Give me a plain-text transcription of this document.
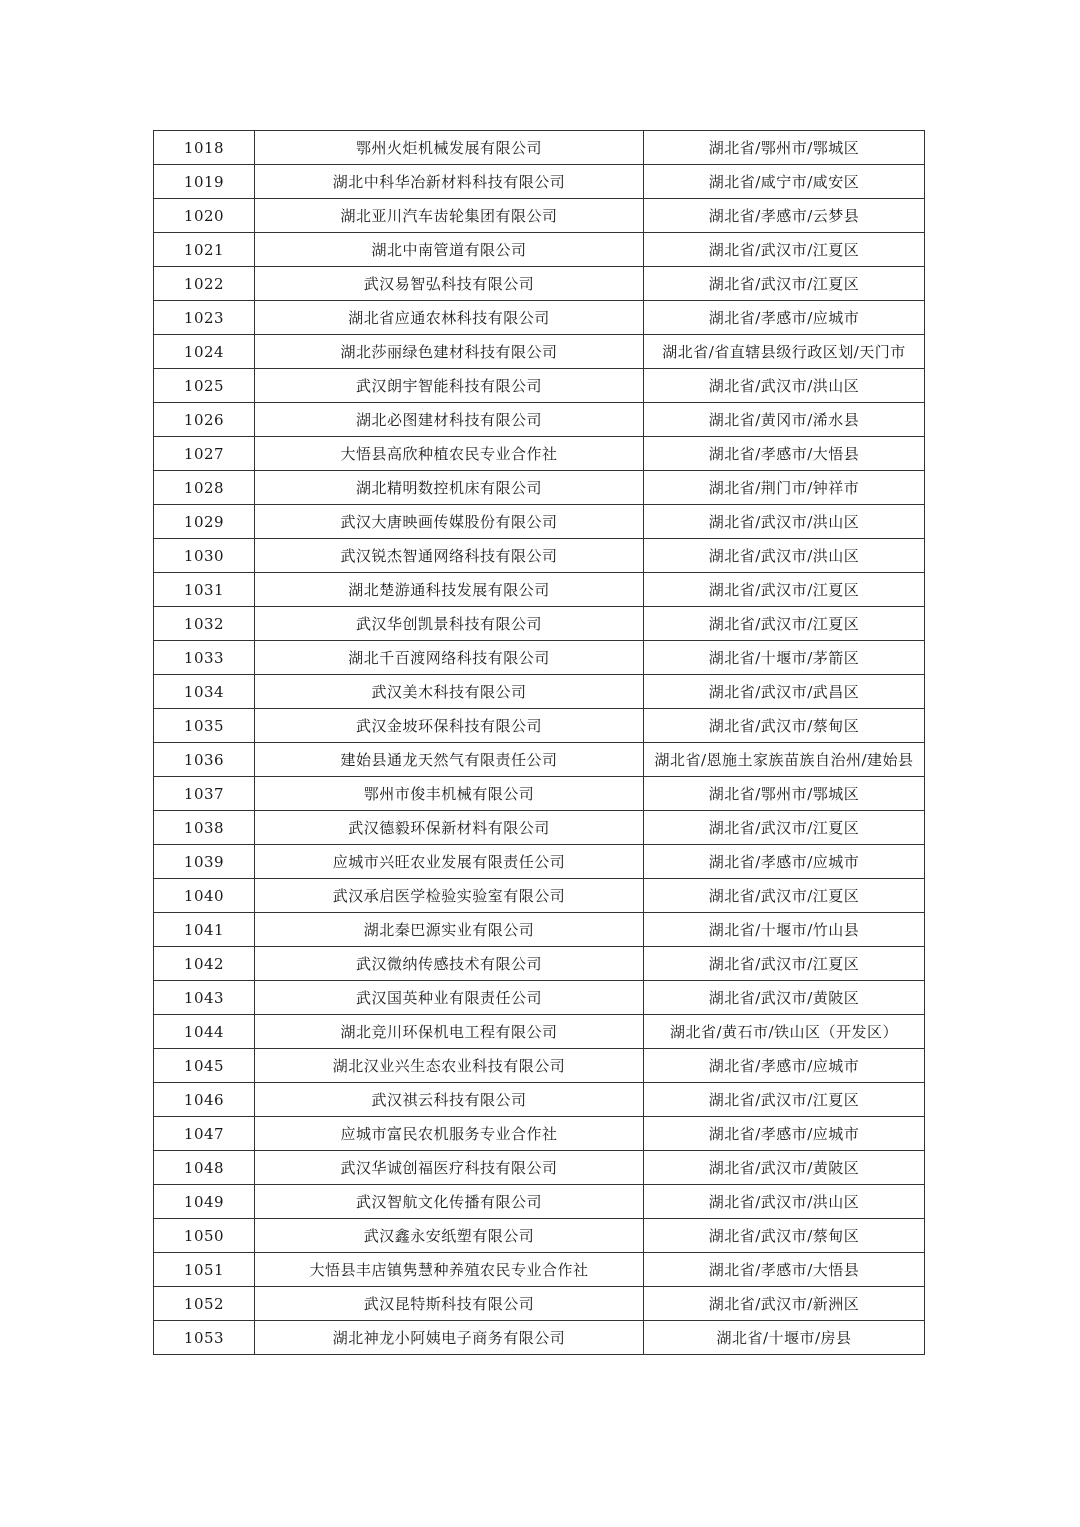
1018	鄂州火炬机械发展有限公司	湖北省/鄂州市/鄂城区
1019	湖北中科华冶新材料科技有限公司	湖北省/咸宁市/咸安区
1020	湖北亚川汽车齿轮集团有限公司	湖北省/孝感市/云梦县
1021	湖北中南管道有限公司	湖北省/武汉市/江夏区
1022	武汉易智弘科技有限公司	湖北省/武汉市/江夏区
1023	湖北省应通农林科技有限公司	湖北省/孝感市/应城市
1024	湖北莎丽绿色建材科技有限公司	湖北省/省直辖县级行政区划/天门市
1025	武汉朗宇智能科技有限公司	湖北省/武汉市/洪山区
1026	湖北必图建材科技有限公司	湖北省/黄冈市/浠水县
1027	大悟县高欣种植农民专业合作社	湖北省/孝感市/大悟县
1028	湖北精明数控机床有限公司	湖北省/荆门市/钟祥市
1029	武汉大唐映画传媒股份有限公司	湖北省/武汉市/洪山区
1030	武汉锐杰智通网络科技有限公司	湖北省/武汉市/洪山区
1031	湖北楚游通科技发展有限公司	湖北省/武汉市/江夏区
1032	武汉华创凯景科技有限公司	湖北省/武汉市/江夏区
1033	湖北千百渡网络科技有限公司	湖北省/十堰市/茅箭区
1034	武汉美木科技有限公司	湖北省/武汉市/武昌区
1035	武汉金坡环保科技有限公司	湖北省/武汉市/蔡甸区
1036	建始县通龙天然气有限责任公司	湖北省/恩施土家族苗族自治州/建始县
1037	鄂州市俊丰机械有限公司	湖北省/鄂州市/鄂城区
1038	武汉德毅环保新材料有限公司	湖北省/武汉市/江夏区
1039	应城市兴旺农业发展有限责任公司	湖北省/孝感市/应城市
1040	武汉承启医学检验实验室有限公司	湖北省/武汉市/江夏区
1041	湖北秦巴源实业有限公司	湖北省/十堰市/竹山县
1042	武汉微纳传感技术有限公司	湖北省/武汉市/江夏区
1043	武汉国英种业有限责任公司	湖北省/武汉市/黄陂区
1044	湖北竞川环保机电工程有限公司	湖北省/黄石市/铁山区（开发区）
1045	湖北汉业兴生态农业科技有限公司	湖北省/孝感市/应城市
1046	武汉祺云科技有限公司	湖北省/武汉市/江夏区
1047	应城市富民农机服务专业合作社	湖北省/孝感市/应城市
1048	武汉华诚创福医疗科技有限公司	湖北省/武汉市/黄陂区
1049	武汉智航文化传播有限公司	湖北省/武汉市/洪山区
1050	武汉鑫永安纸塑有限公司	湖北省/武汉市/蔡甸区
1051	大悟县丰店镇隽慧种养殖农民专业合作社	湖北省/孝感市/大悟县
1052	武汉昆特斯科技有限公司	湖北省/武汉市/新洲区
1053	湖北神龙小阿姨电子商务有限公司	湖北省/十堰市/房县
